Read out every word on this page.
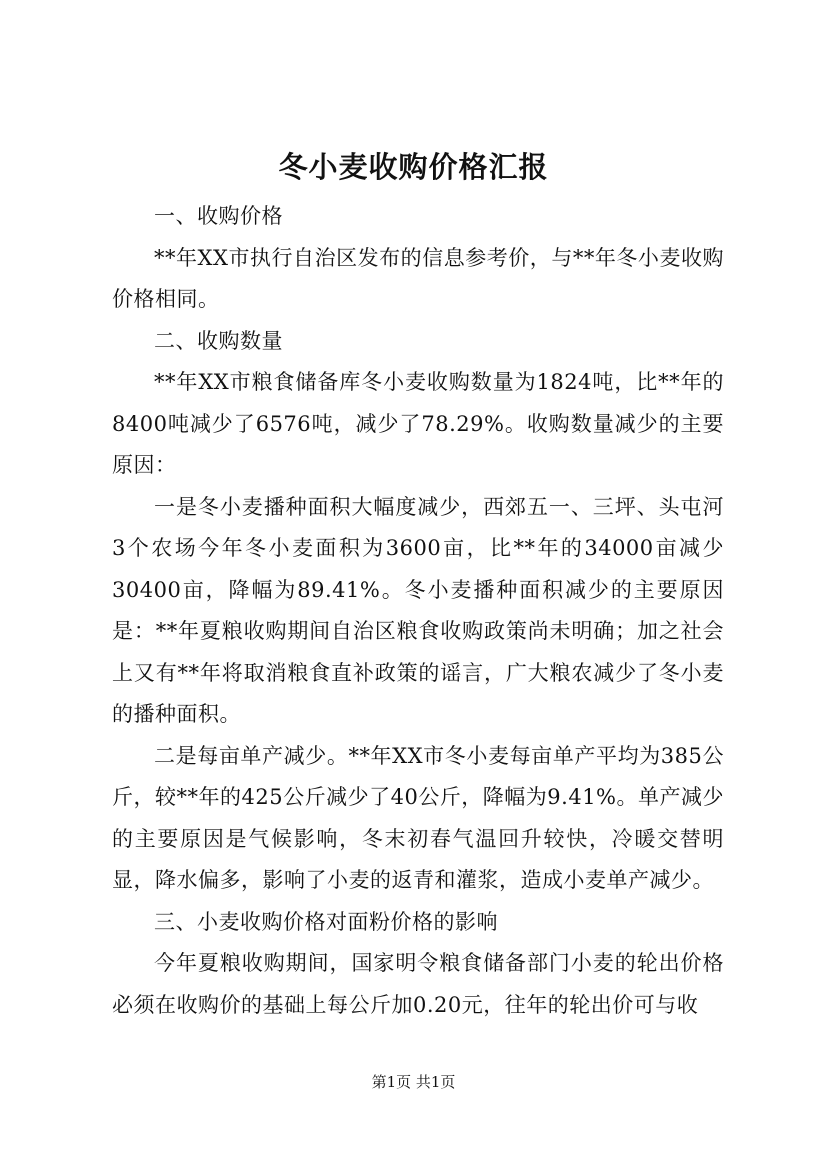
冬小麦收购价格汇报

一、收购价格

**年XX市执行自治区发布的信息参考价，与**年冬小麦收购价格相同。

二、收购数量

**年XX市粮食储备库冬小麦收购数量为1824吨，比**年的8400吨减少了6576吨，减少了78.29%。收购数量减少的主要原因：

一是冬小麦播种面积大幅度减少，西郊五一、三坪、头屯河3个农场今年冬小麦面积为3600亩，比**年的34000亩减少30400亩，降幅为89.41%。冬小麦播种面积减少的主要原因是：**年夏粮收购期间自治区粮食收购政策尚未明确；加之社会上又有**年将取消粮食直补政策的谣言，广大粮农减少了冬小麦的播种面积。

二是每亩单产减少。**年XX市冬小麦每亩单产平均为385公斤，较**年的425公斤减少了40公斤，降幅为9.41%。单产减少的主要原因是气候影响，冬末初春气温回升较快，冷暖交替明显，降水偏多，影响了小麦的返青和灌浆，造成小麦单产减少。

三、小麦收购价格对面粉价格的影响

今年夏粮收购期间，国家明令粮食储备部门小麦的轮出价格必须在收购价的基础上每公斤加0.20元，往年的轮出价可与收

第1页 共1页
